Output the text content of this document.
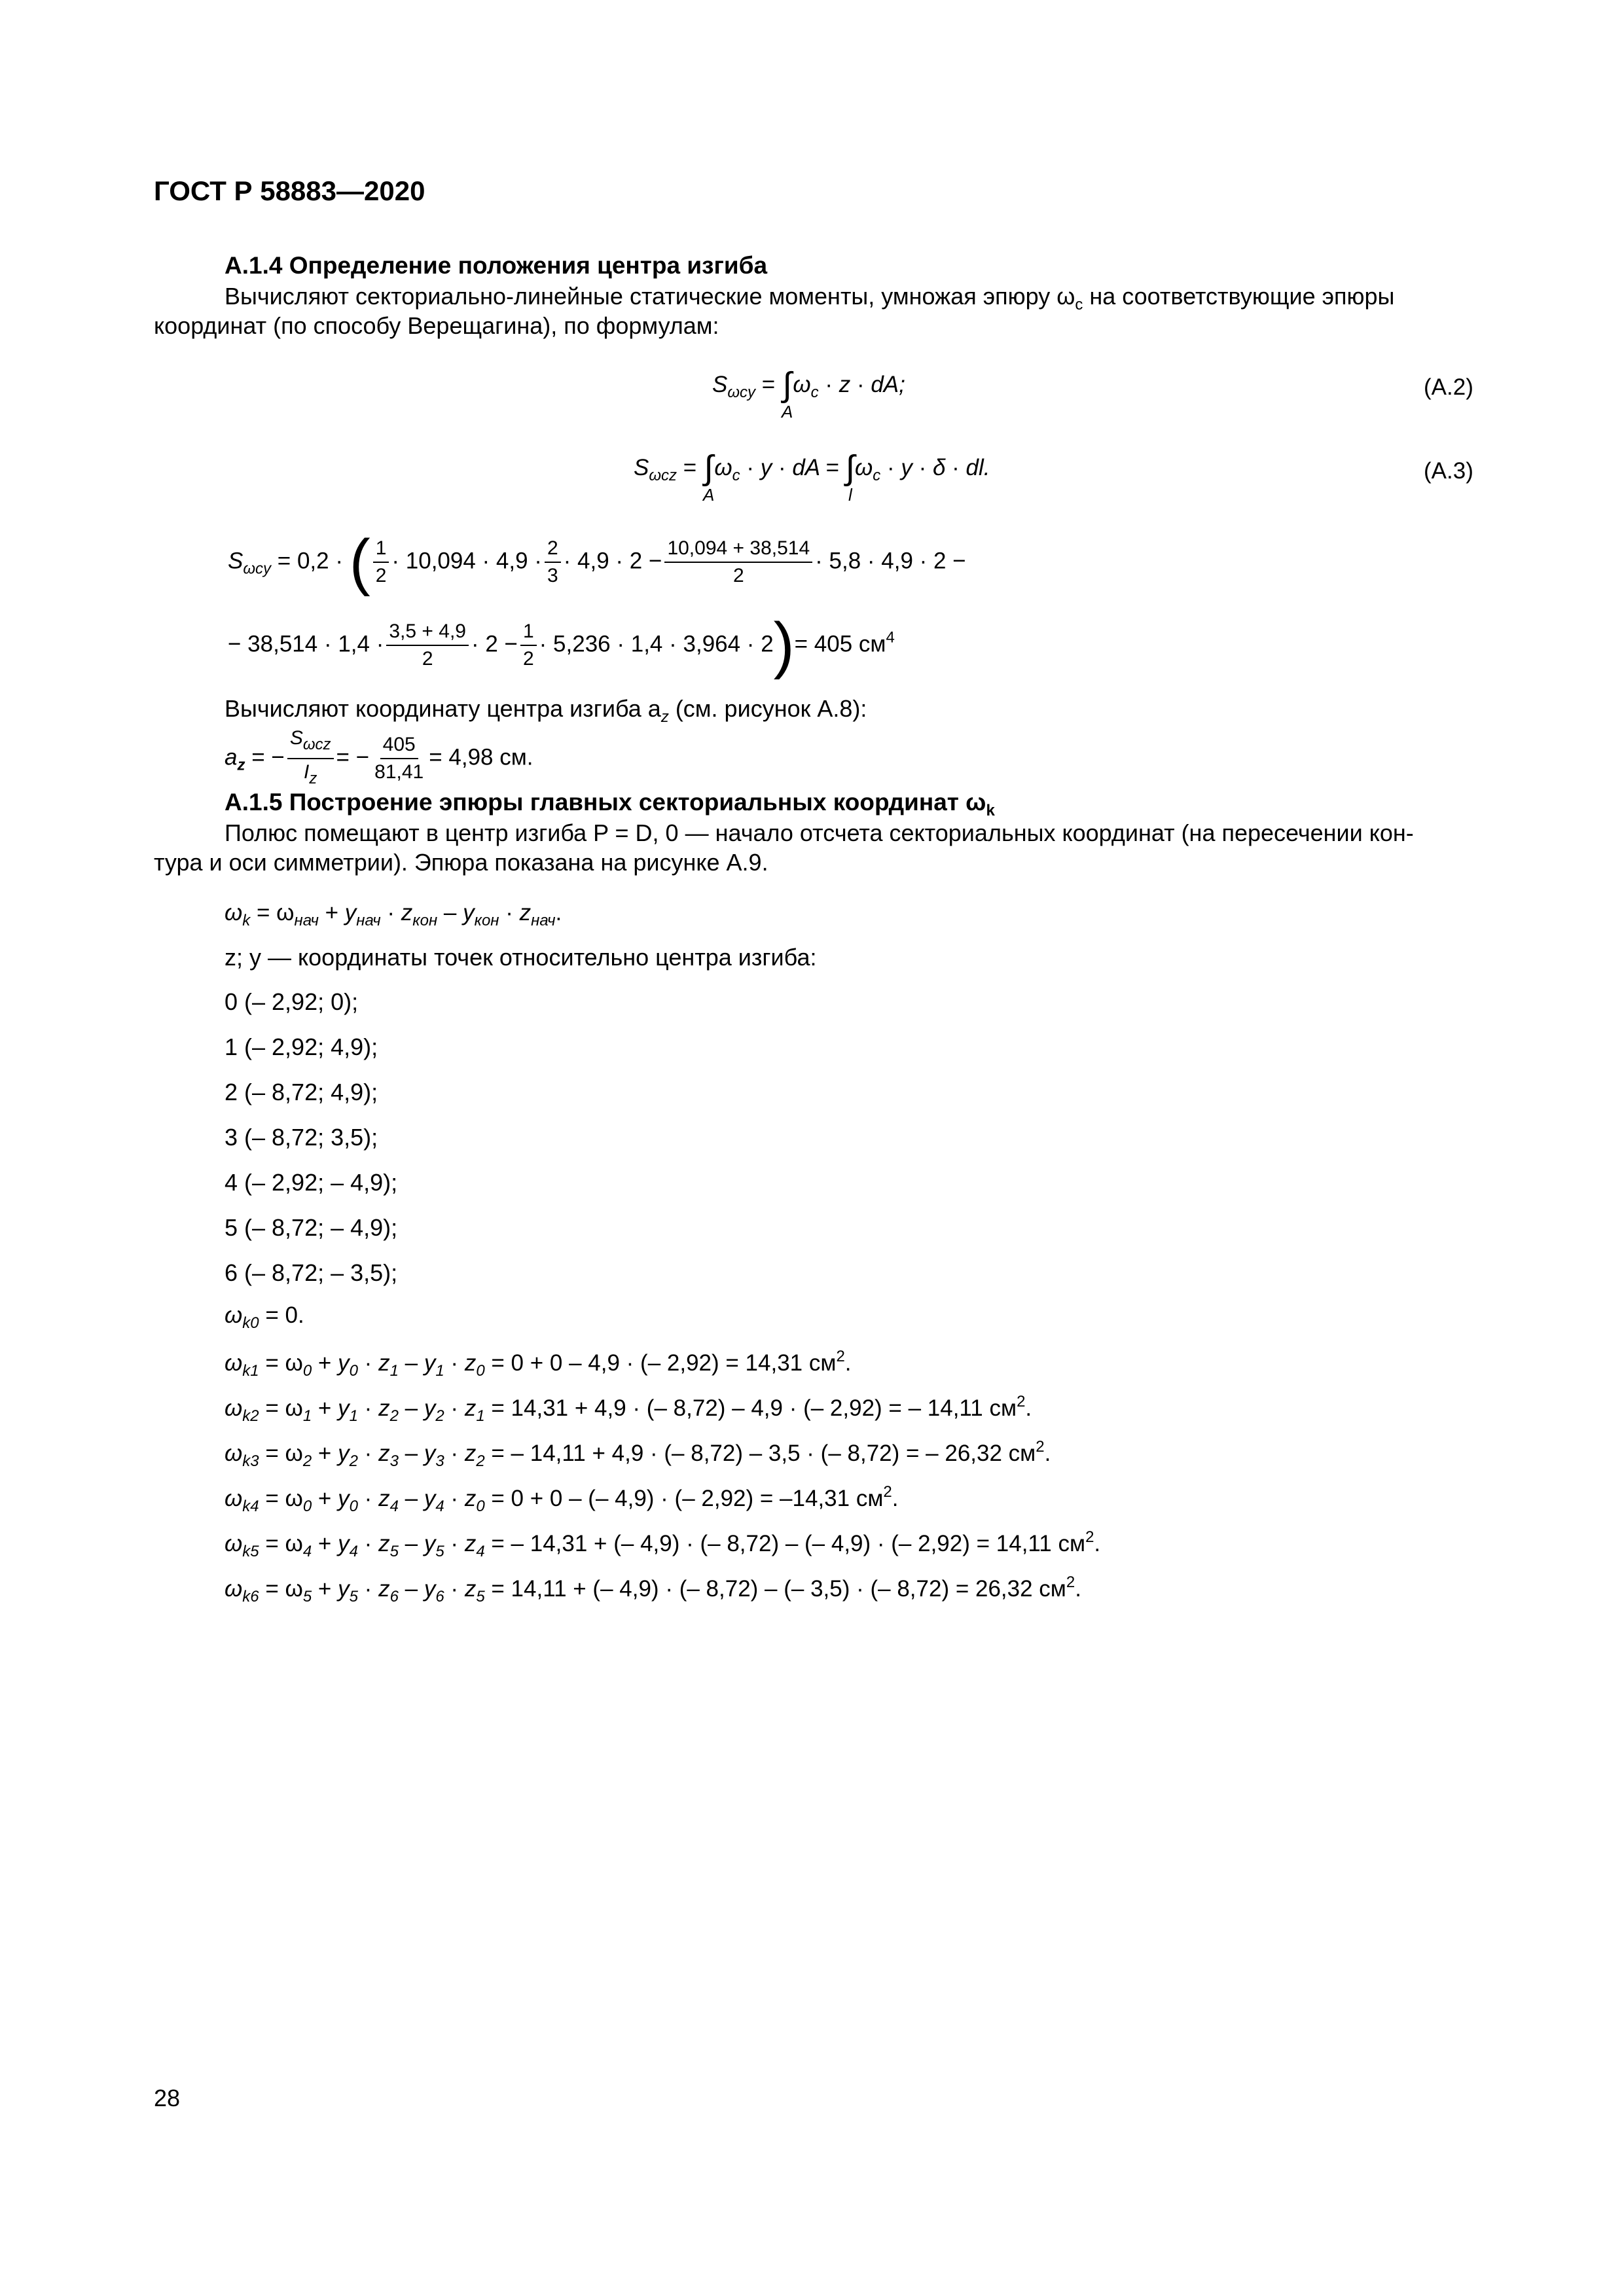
ГОСТ Р 58883—2020
А.1.4 Определение положения центра изгиба
Вычисляют секториально-линейные статические моменты, умножая эпюру $\omega_c$ на соответствующие эпюры
координат (по способу Верещагина), по формулам:
$S_{\omega cy}$ = ∫
A
$\omega_c \cdot z$ · dA;	(А.2)
$S_{\omega cz}$ = ∫
A
$\omega_c \cdot y$ · dA = ∫
l
$\omega_c \cdot y \cdot \delta$ · dl.	(А.3)
$S_{\omega cy} = 0,2$ · ( $\frac{1}{2} \cdot 10,094 \cdot 4,9 \cdot \frac{2}{3} \cdot 4,9 \cdot 2 - \frac{10,094 + 38,514}{2} \cdot 5,8 \cdot 4,9 \cdot 2$ −
− $38,514 \cdot 1,4 \cdot \frac{3,5 + 4,9}{2} \cdot 2 - \frac{1}{2} \cdot 5,236 \cdot 1,4 \cdot 3,964 \cdot 2)= 405$ $см^4$
Вычисляют координату центра изгиба $a_z$ (см. рисунок А.8):
$a_z$ = − $\frac{S_{\omega cz}}{I_z}$ = − $\frac{405}{81,41} = 4,98$ см.
А.1.5 Построение эпюры главных секториальных координат $\omega_k$
Полюс помещают в центр изгиба P = D, 0 — начало отсчета секториальных координат (на пересечении кон-
тура и оси симметрии). Эпюра показана на рисунке А.9.
$\omega_k = \omega_{нач} + y_{нач} \cdot z_{кон} - y_{кон} \cdot z_{нач}$.
z; y — координаты точек относительно центра изгиба:
0 (– 2,92; 0);
1 (– 2,92; 4,9);
2 (– 8,72; 4,9);
3 (– 8,72; 3,5);
4 (– 2,92; – 4,9);
5 (– 8,72; – 4,9);
6 (– 8,72; – 3,5);
$\omega_{k0} = 0$.
$\omega_{k1} = \omega_0 + y_0 \cdot z_1 - y_1 \cdot z_0 = 0 + 0 - 4,9$ · (– 2,92) = 14,31 $см^2$.
$\omega_{k2} = \omega_1 + y_1 \cdot z_2 - y_2 \cdot z_1 = 14,31 + 4,9$ · (– 8,72) – 4,9 · (– 2,92) = – 14,11 $см^2$.
$\omega_{k3} = \omega_2 + y_2 \cdot z_3 - y_3 \cdot z_2$ = – 14,11 + 4,9 · (– 8,72) – 3,5 · (– 8,72) = – 26,32 $см^2$.
$\omega_{k4} = \omega_0 + y_0 \cdot z_4 - y_4 \cdot z_0 = 0 + 0$ – (– 4,9) · (– 2,92) = –14,31 $см^2$.
$\omega_{k5} = \omega_4 + y_4 \cdot z_5 - y_5 \cdot z_4$ = – 14,31 + (– 4,9) · (– 8,72) – (– 4,9) · (– 2,92) = 14,11 $см^2$.
$\omega_{k6} = \omega_5 + y_5 \cdot z_6 - y_6 \cdot z_5 = 14,11$ + (– 4,9) · (– 8,72) – (– 3,5) · (– 8,72) = 26,32 $см^2$.
28
